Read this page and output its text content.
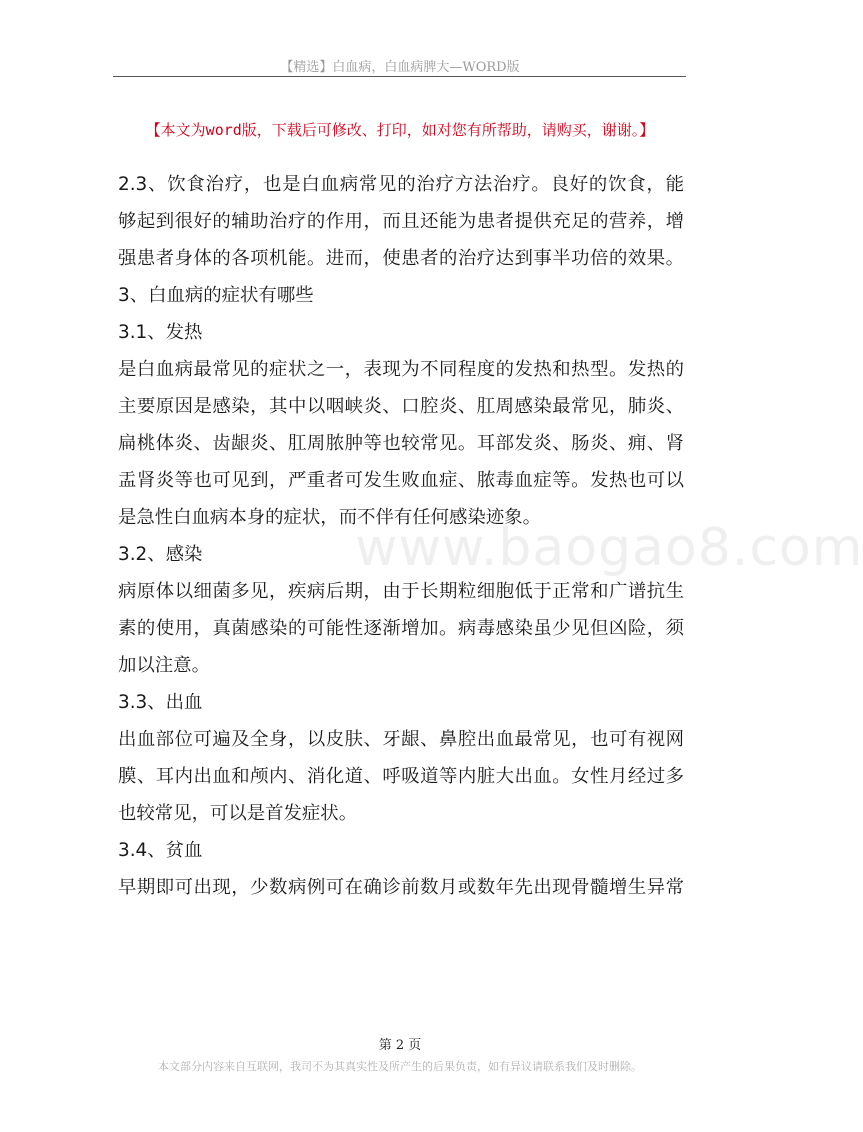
【精选】白血病，白血病脾大—WORD版
【本文为word版，下载后可修改、打印，如对您有所帮助，请购买，谢谢。】
www.baogao8.com
2.3、饮食治疗，也是白血病常见的治疗方法治疗。良好的饮食，能
够起到很好的辅助治疗的作用，而且还能为患者提供充足的营养，增
强患者身体的各项机能。进而，使患者的治疗达到事半功倍的效果。
3、白血病的症状有哪些
3.1、发热
是白血病最常见的症状之一，表现为不同程度的发热和热型。发热的
主要原因是感染，其中以咽峡炎、口腔炎、肛周感染最常见，肺炎、
扁桃体炎、齿龈炎、肛周脓肿等也较常见。耳部发炎、肠炎、痈、肾
盂肾炎等也可见到，严重者可发生败血症、脓毒血症等。发热也可以
是急性白血病本身的症状，而不伴有任何感染迹象。
3.2、感染
病原体以细菌多见，疾病后期，由于长期粒细胞低于正常和广谱抗生
素的使用，真菌感染的可能性逐渐增加。病毒感染虽少见但凶险，须
加以注意。
3.3、出血
出血部位可遍及全身，以皮肤、牙龈、鼻腔出血最常见，也可有视网
膜、耳内出血和颅内、消化道、呼吸道等内脏大出血。女性月经过多
也较常见，可以是首发症状。
3.4、贫血
早期即可出现，少数病例可在确诊前数月或数年先出现骨髓增生异常
第 2 页
本文部分内容来自互联网，我司不为其真实性及所产生的后果负责，如有异议请联系我们及时删除。
